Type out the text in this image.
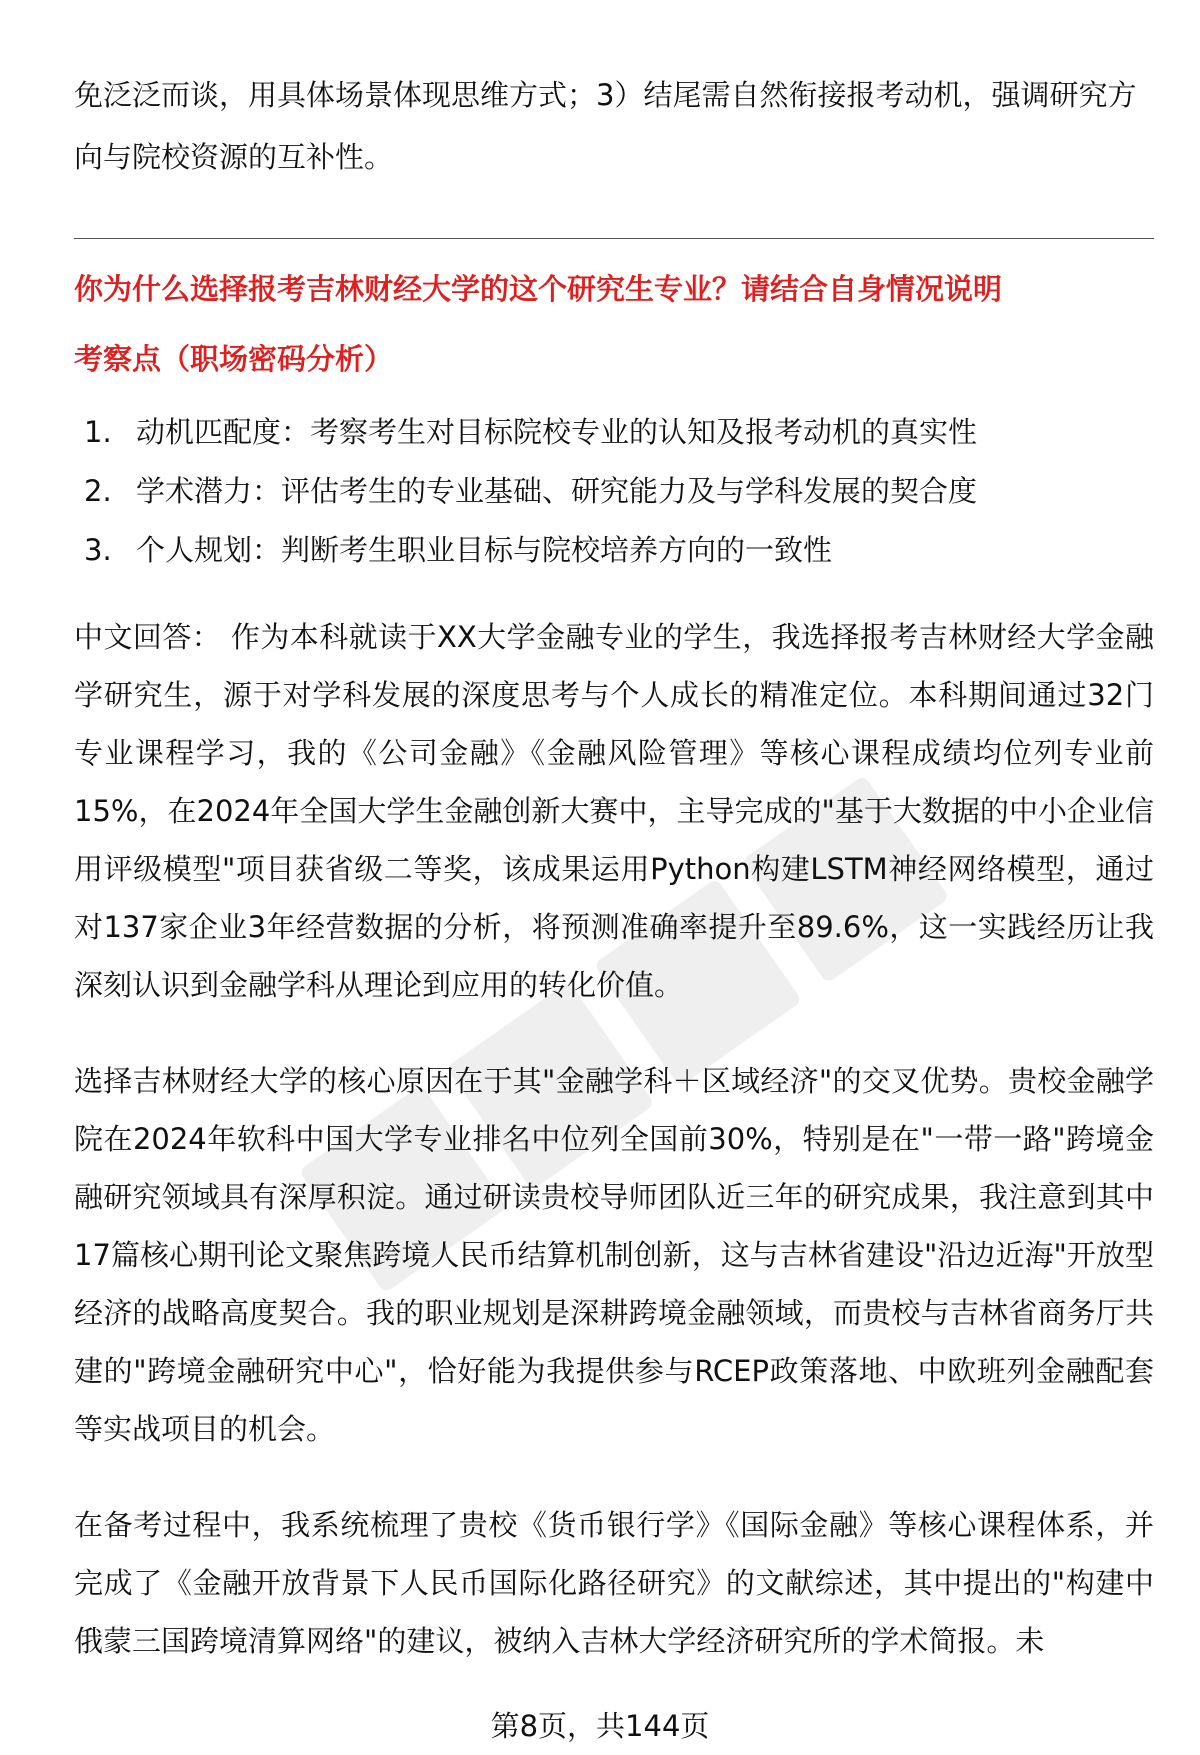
免泛泛而谈，用具体场景体现思维方式；3）结尾需自然衔接报考动机，强调研究方向与院校资源的互补性。

你为什么选择报考吉林财经大学的这个研究生专业？请结合自身情况说明

考察点（职场密码分析）

1. 动机匹配度：考察考生对目标院校专业的认知及报考动机的真实性
2. 学术潜力：评估考生的专业基础、研究能力及与学科发展的契合度
3. 个人规划：判断考生职业目标与院校培养方向的一致性

中文回答： 作为本科就读于XX大学金融专业的学生，我选择报考吉林财经大学金融学研究生，源于对学科发展的深度思考与个人成长的精准定位。本科期间通过32门专业课程学习，我的《公司金融》《金融风险管理》等核心课程成绩均位列专业前15%，在2024年全国大学生金融创新大赛中，主导完成的"基于大数据的中小企业信用评级模型"项目获省级二等奖，该成果运用Python构建LSTM神经网络模型，通过对137家企业3年经营数据的分析，将预测准确率提升至89.6%，这一实践经历让我深刻认识到金融学科从理论到应用的转化价值。

选择吉林财经大学的核心原因在于其"金融学科＋区域经济"的交叉优势。贵校金融学院在2024年软科中国大学专业排名中位列全国前30%，特别是在"一带一路"跨境金融研究领域具有深厚积淀。通过研读贵校导师团队近三年的研究成果，我注意到其中17篇核心期刊论文聚焦跨境人民币结算机制创新，这与吉林省建设"沿边近海"开放型经济的战略高度契合。我的职业规划是深耕跨境金融领域，而贵校与吉林省商务厅共建的"跨境金融研究中心"，恰好能为我提供参与RCEP政策落地、中欧班列金融配套等实战项目的机会。

在备考过程中，我系统梳理了贵校《货币银行学》《国际金融》等核心课程体系，并完成了《金融开放背景下人民币国际化路径研究》的文献综述，其中提出的"构建中俄蒙三国跨境清算网络"的建议，被纳入吉林大学经济研究所的学术简报。未

第8页，共144页
